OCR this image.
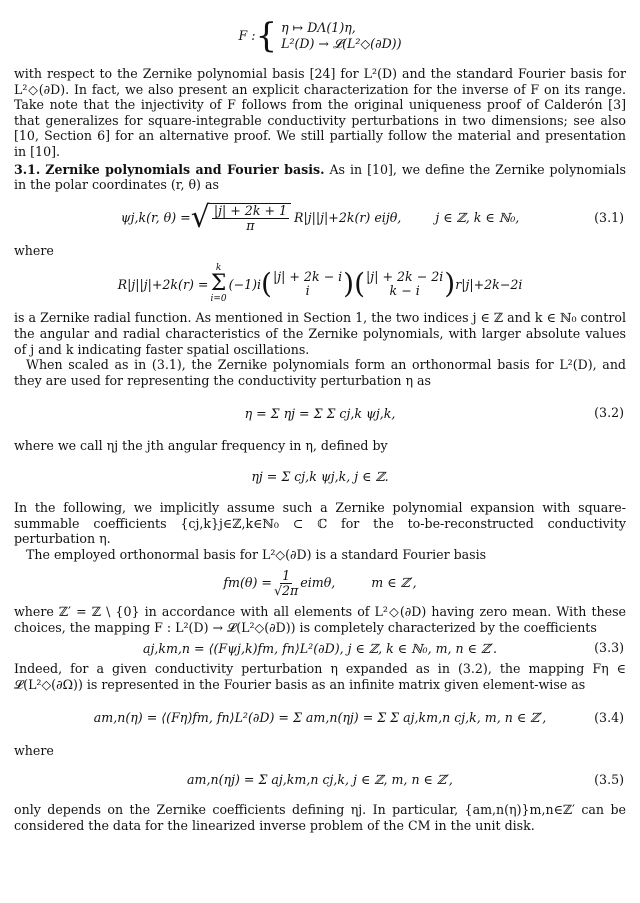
F : { η ↦ DΛ(1)η,
L²(D) → 𝓛(L²◇(∂D))

with respect to the Zernike polynomial basis [24] for L²(D) and the standard Fourier basis for L²◇(∂D). In fact, we also present an explicit characterization for the inverse of F on its range. Take note that the injectivity of F follows from the original uniqueness proof of Calderón [3] that generalizes for square-integrable conductivity perturbations in two dimensions; see also [10, Section 6] for an alternative proof. We still partially follow the material and presentation in [10].

3.1. Zernike polynomials and Fourier basis. As in [10], we define the Zernike polynomials in the polar coordinates (r, θ) as

ψj,k(r, θ) = √ $\frac{|j| + 2k + 1}{\pi} R|j||j|+2k(r)$ eijθ,	j ∈ ℤ, k ∈ ℕ₀,	(3.1)

where

R|j||j|+2k(r) =
k
Σ
i=0
(−1)i ( |j| + 2k − i
i ) ( |j| + 2k − 2i
k − i ) r|j|+2k−2i

is a Zernike radial function. As mentioned in Section 1, the two indices j ∈ ℤ and k ∈ ℕ₀ control the angular and radial characteristics of the Zernike polynomials, with larger absolute values of j and k indicating faster spatial oscillations.

When scaled as in (3.1), the Zernike polynomials form an orthonormal basis for L²(D), and they are used for representing the conductivity perturbation η as

η = Σ ηj = Σ Σ cj,k ψj,k,	(3.2)

where we call ηj the jth angular frequency in η, defined by

ηj = Σ cj,k ψj,k, j ∈ ℤ.

In the following, we implicitly assume such a Zernike polynomial expansion with square-summable coefficients {cj,k}j∈ℤ,k∈ℕ₀ ⊂ ℂ for the to-be-reconstructed conductivity perturbation η.

The employed orthonormal basis for L²◇(∂D) is a standard Fourier basis

$fm(\theta) = \frac{1}{√2\pi} eim\theta$,	m ∈ ℤ′,

where ℤ′ = ℤ \ {0} in accordance with all elements of L²◇(∂D) having zero mean. With these choices, the mapping F : L²(D) → 𝓛(L²◇(∂D)) is completely characterized by the coefficients

aj,km,n = ⟨(Fψj,k)fm, fn⟩L²(∂D), j ∈ ℤ, k ∈ ℕ₀, m, n ∈ ℤ′.	(3.3)

Indeed, for a given conductivity perturbation η expanded as in (3.2), the mapping Fη ∈ 𝓛(L²◇(∂Ω)) is represented in the Fourier basis as an infinite matrix given element-wise as

am,n(η) = ⟨(Fη)fm, fn⟩L²(∂D) = Σ am,n(ηj) = Σ Σ aj,km,n cj,k, m, n ∈ ℤ′,	(3.4)

where

am,n(ηj) = Σ aj,km,n cj,k, j ∈ ℤ, m, n ∈ ℤ′,	(3.5)

only depends on the Zernike coefficients defining ηj. In particular, {am,n(η)}m,n∈ℤ′ can be considered the data for the linearized inverse problem of the CM in the unit disk.
